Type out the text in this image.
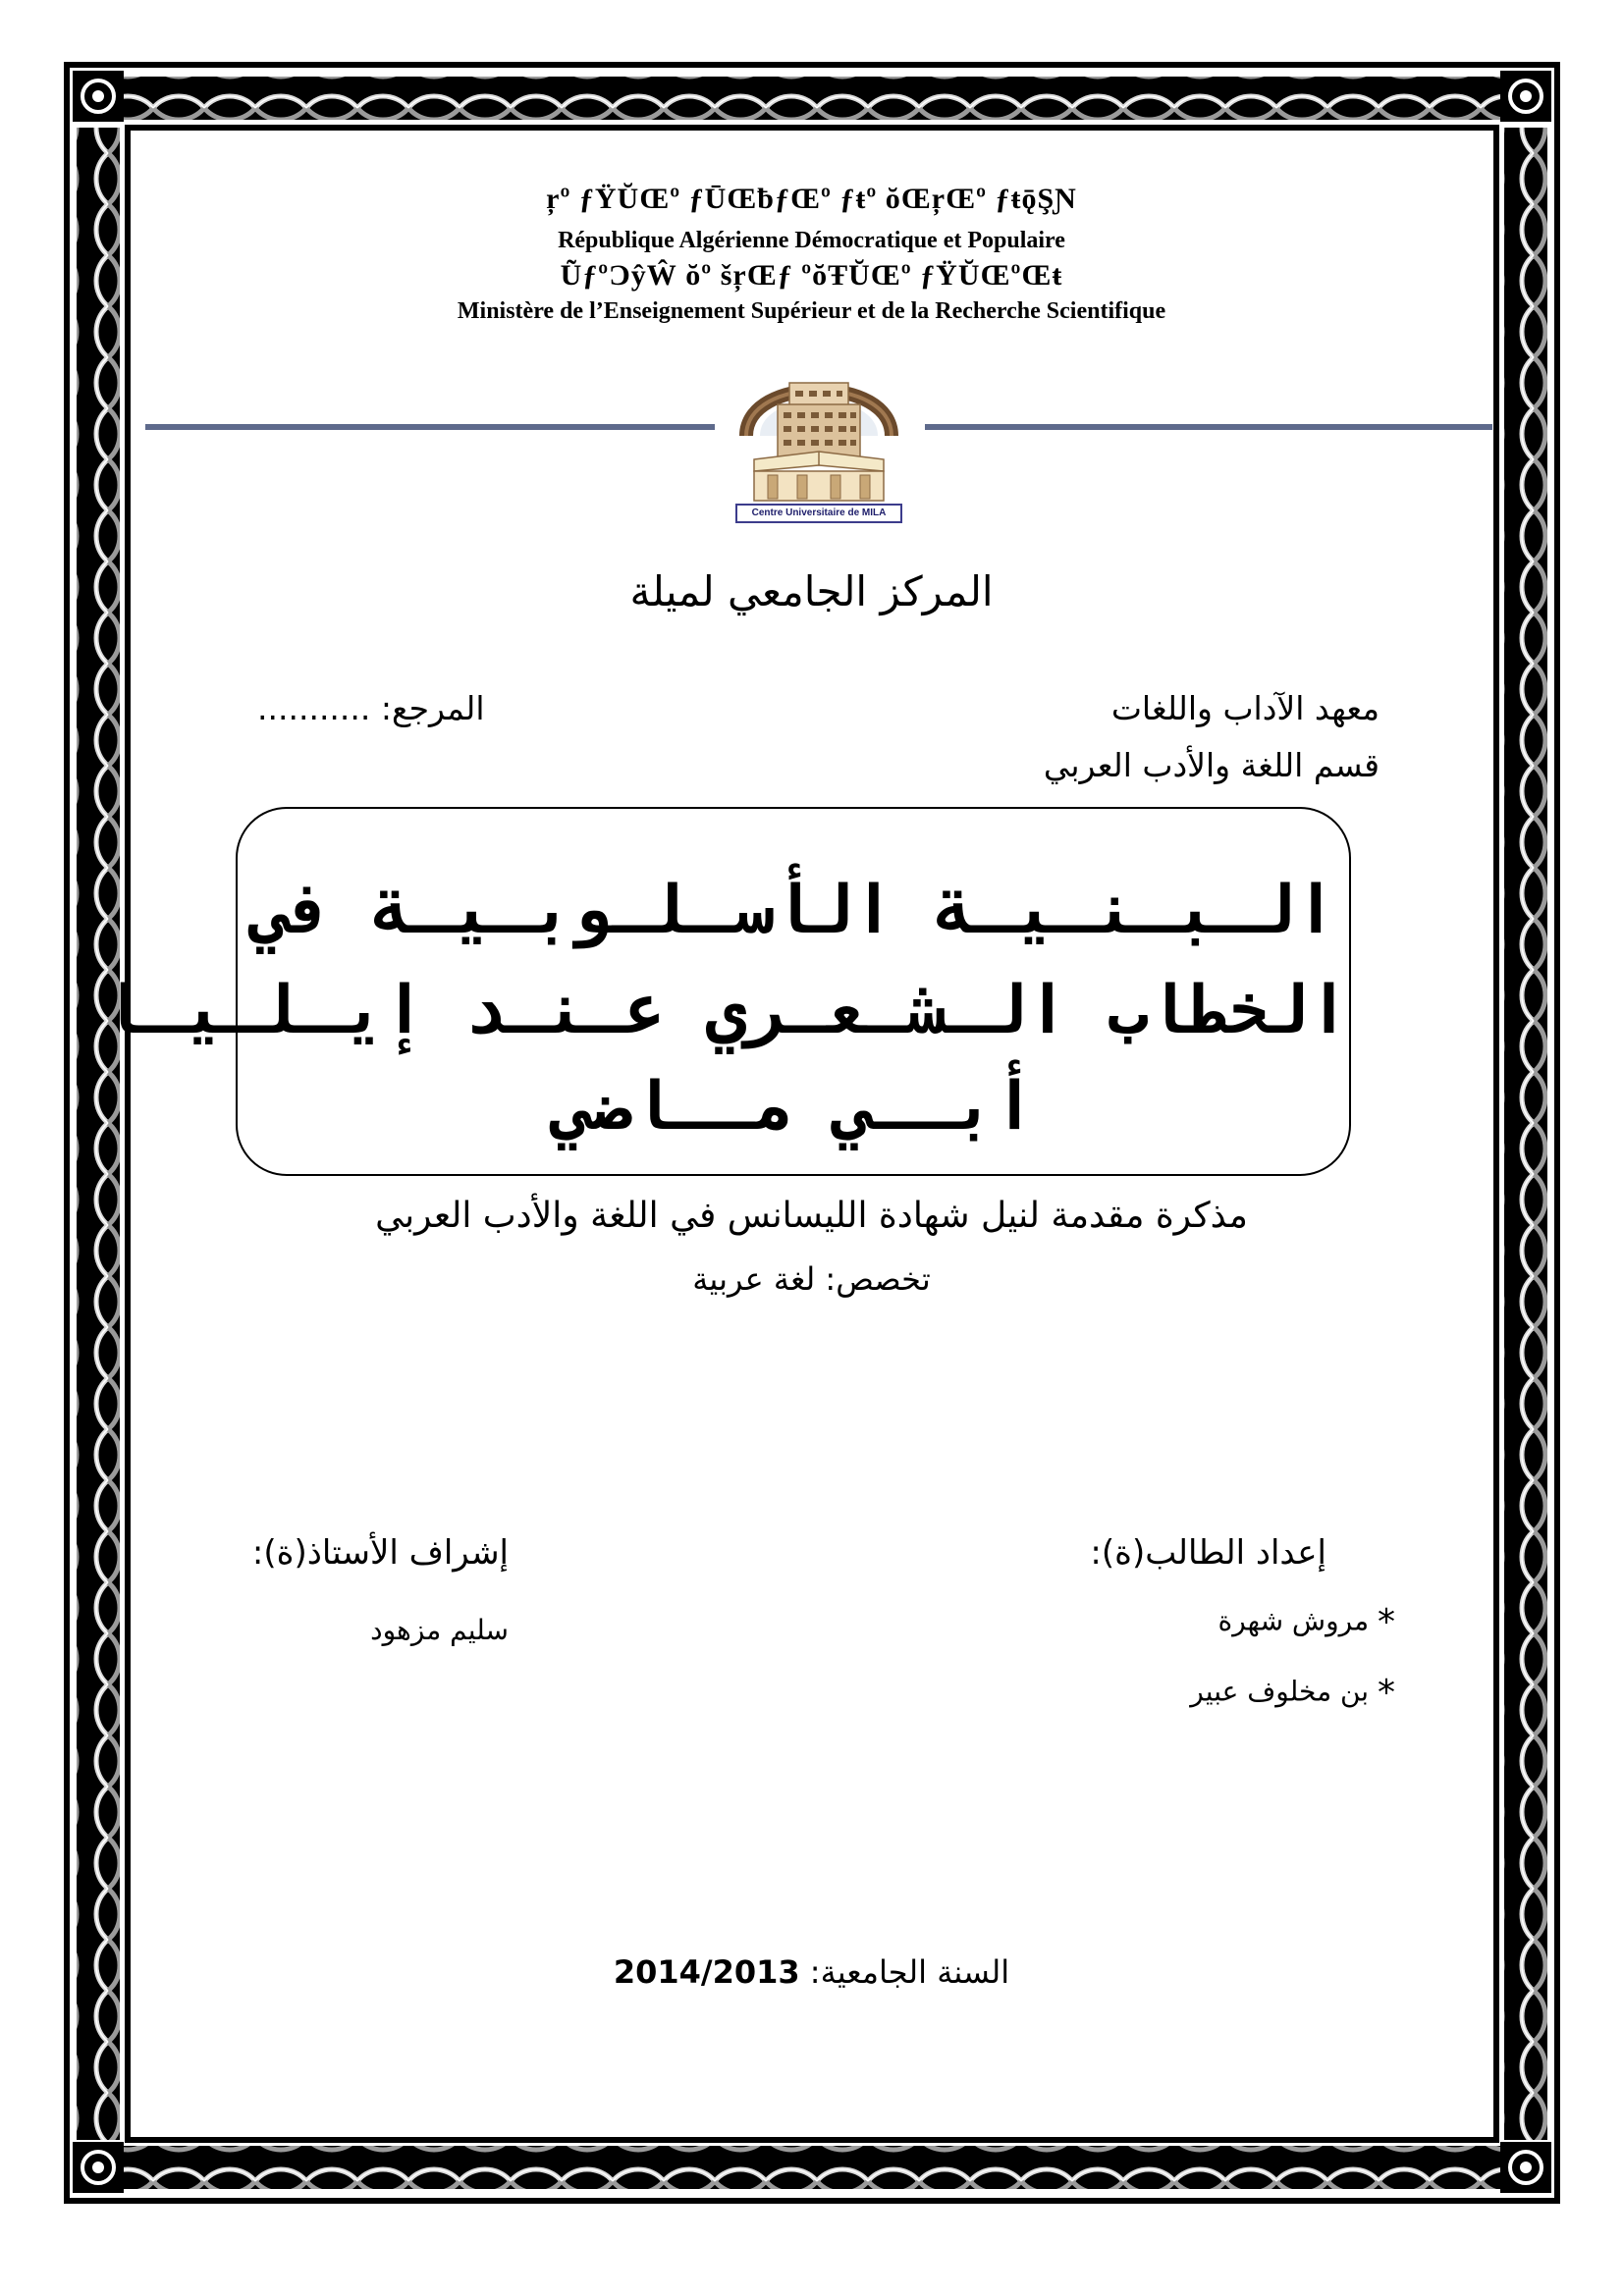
ŗº ƒŸŬŒº ƒŪŒƀƒŒº ƒŧº ŏŒŗŒº ƒŧǭŞƝ
République Algérienne Démocratique et Populaire
ŨƒºƆŷŴ ŏº šŗŒƒ ºŏŦŬŒº ƒŸŬŒºŒŧ
Ministère de l’Enseignement Supérieur et de la Recherche Scientifique
Centre Universitaire de MILA
المركز الجامعي لميلة
معهد الآداب واللغات
قسم اللغة والأدب العربي
المرجع: ...........
الـبـنـيـة الأسـلـوبـيـة في
الخطاب الـشـعـري عـنـد إيـلـيـا
أبــي مــاضي
مذكرة مقدمة لنيل شهادة الليسانس في اللغة والأدب العربي
تخصص: لغة عربية
إعداد الطالب(ة):
* مروش شهرة
* بن مخلوف عبير
إشراف الأستاذ(ة):
سليم مزهود
السنة الجامعية: 2014/2013
